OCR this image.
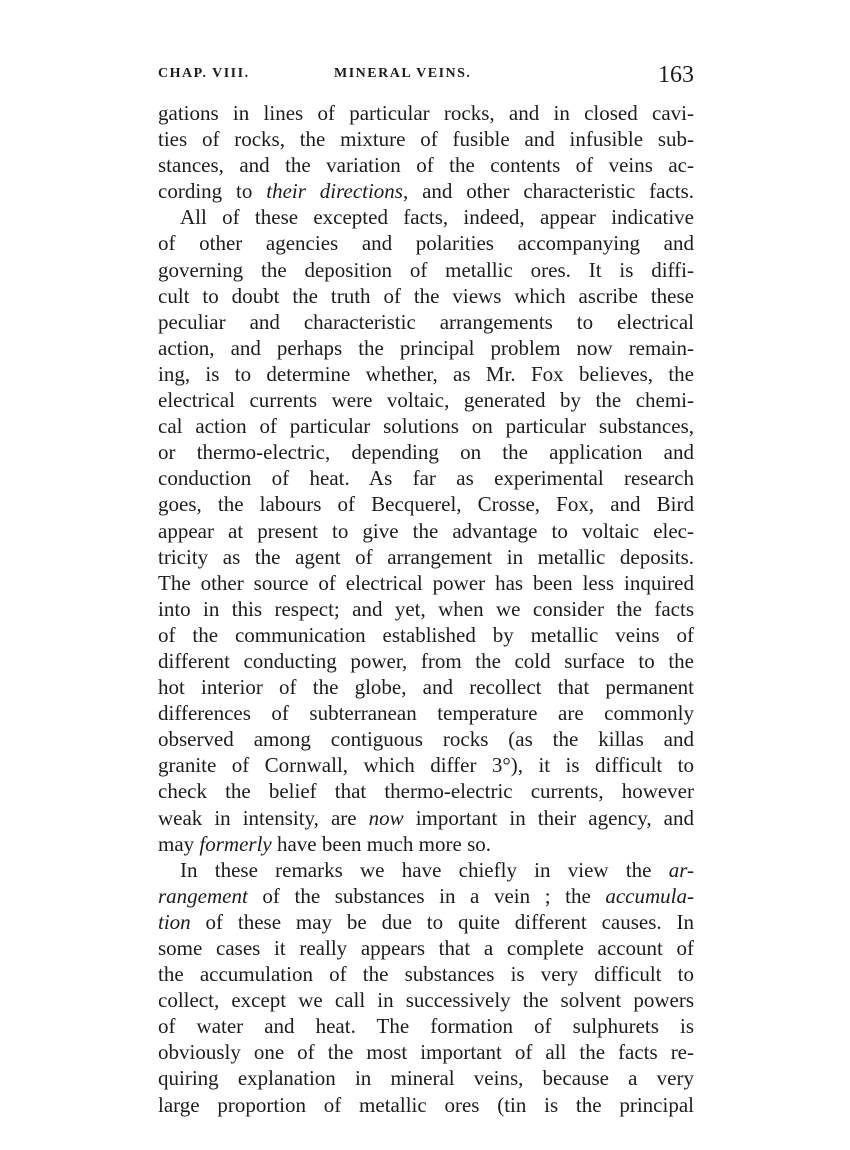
CHAP. VIII.	MINERAL VEINS.	163
gations in lines of particular rocks, and in closed cavi-
ties of rocks, the mixture of fusible and infusible sub-
stances, and the variation of the contents of veins ac-
cording to their directions, and other characteristic facts.
All of these excepted facts, indeed, appear indicative
of other agencies and polarities accompanying and
governing the deposition of metallic ores. It is diffi-
cult to doubt the truth of the views which ascribe these
peculiar and characteristic arrangements to electrical
action, and perhaps the principal problem now remain-
ing, is to determine whether, as Mr. Fox believes, the
electrical currents were voltaic, generated by the chemi-
cal action of particular solutions on particular substances,
or thermo-electric, depending on the application and
conduction of heat. As far as experimental research
goes, the labours of Becquerel, Crosse, Fox, and Bird
appear at present to give the advantage to voltaic elec-
tricity as the agent of arrangement in metallic deposits.
The other source of electrical power has been less inquired
into in this respect; and yet, when we consider the facts
of the communication established by metallic veins of
different conducting power, from the cold surface to the
hot interior of the globe, and recollect that permanent
differences of subterranean temperature are commonly
observed among contiguous rocks (as the killas and
granite of Cornwall, which differ 3°), it is difficult to
check the belief that thermo-electric currents, however
weak in intensity, are now important in their agency, and
may formerly have been much more so.
In these remarks we have chiefly in view the ar-
rangement of the substances in a vein ; the accumula-
tion of these may be due to quite different causes. In
some cases it really appears that a complete account of
the accumulation of the substances is very difficult to
collect, except we call in successively the solvent powers
of water and heat. The formation of sulphurets is
obviously one of the most important of all the facts re-
quiring explanation in mineral veins, because a very
large proportion of metallic ores (tin is the principal
